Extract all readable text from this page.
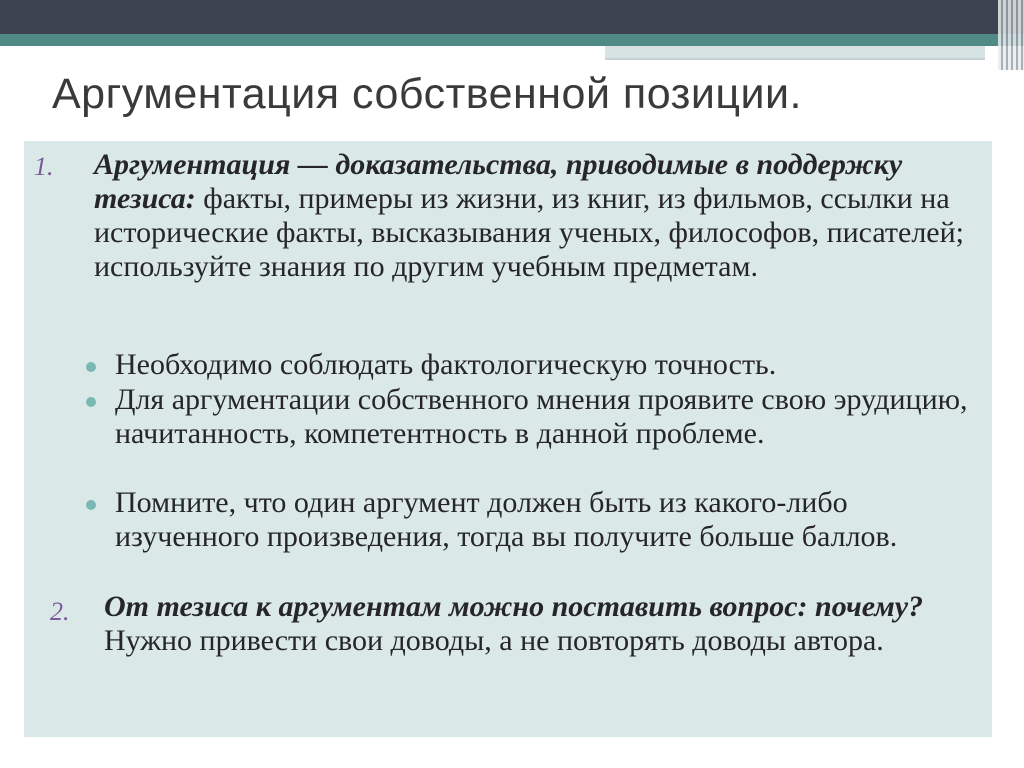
Аргументация собственной позиции.
1. Аргументация — доказательства, приводимые в поддержку тезиса: факты, примеры из жизни, из книг, из фильмов, ссылки на исторические факты, высказывания ученых, философов, писателей; используйте знания по другим учебным предметам.
Необходимо соблюдать фактологическую точность.
Для аргументации собственного мнения проявите свою эрудицию, начитанность, компетентность в данной проблеме.
Помните, что один аргумент должен быть из какого-либо изученного произведения, тогда вы получите больше баллов.
2. От тезиса к аргументам можно поставить вопрос: почему? Нужно привести свои доводы, а не повторять доводы автора.
